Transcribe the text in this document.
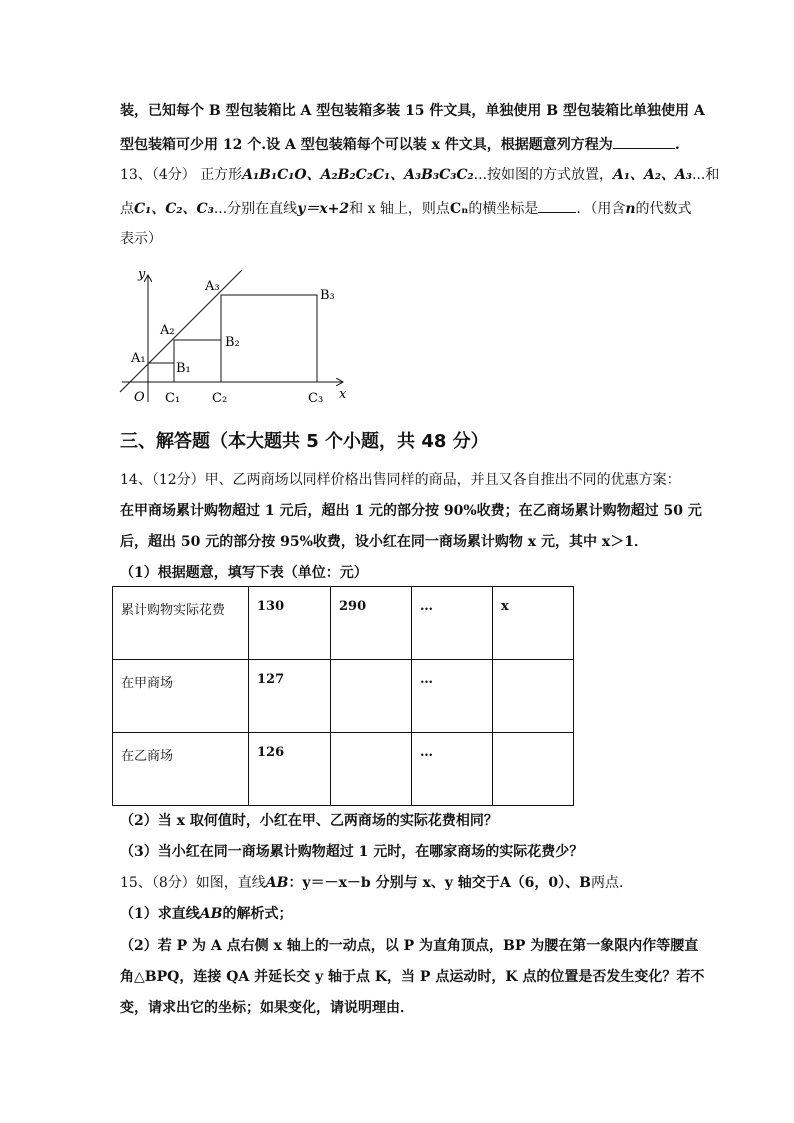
装，已知每个 B 型包装箱比 A 型包装箱多装 15 件文具，单独使用 B 型包装箱比单独使用 A
型包装箱可少用 12 个.设 A 型包装箱每个可以装 x 件文具，根据题意列方程为	.
13、（4分） 正方形A₁B₁C₁O、A₂B₂C₂C₁、A₃B₃C₃C₂...按如图的方式放置，A₁、A₂、A₃...和
点C₁、C₂、C₃...分别在直线y＝x+2和 x 轴上，则点Cₙ的横坐标是	．（用含n的代数式
表示）
y
x
O
A₁
A₂
A₃
B₁
B₂
B₃
C₁ C₂	C₃
三、解答题（本大题共 5 个小题，共 48 分）
14、（12分）甲、乙两商场以同样价格出售同样的商品，并且又各自推出不同的优惠方案：
在甲商场累计购物超过 1 元后，超出 1 元的部分按 90%收费；在乙商场累计购物超过 50 元
后，超出 50 元的部分按 95%收费，设小红在同一商场累计购物 x 元，其中 x＞1．
（1）根据题意，填写下表（单位：元）
累计购物实际花费	130	290	…	x
在甲商场	127		…	
在乙商场	126		…	
（2）当 x 取何值时，小红在甲、乙两商场的实际花费相同？
（3）当小红在同一商场累计购物超过 1 元时，在哪家商场的实际花费少？
15、（8分）如图，直线AB：y＝－x－b 分别与 x、y 轴交于A（6，0）、B两点．
（1）求直线AB的解析式；
（2）若 P 为 A 点右侧 x 轴上的一动点，以 P 为直角顶点，BP 为腰在第一象限内作等腰直
角△BPQ，连接 QA 并延长交 y 轴于点 K，当 P 点运动时，K 点的位置是否发生变化？若不
变，请求出它的坐标；如果变化，请说明理由．
